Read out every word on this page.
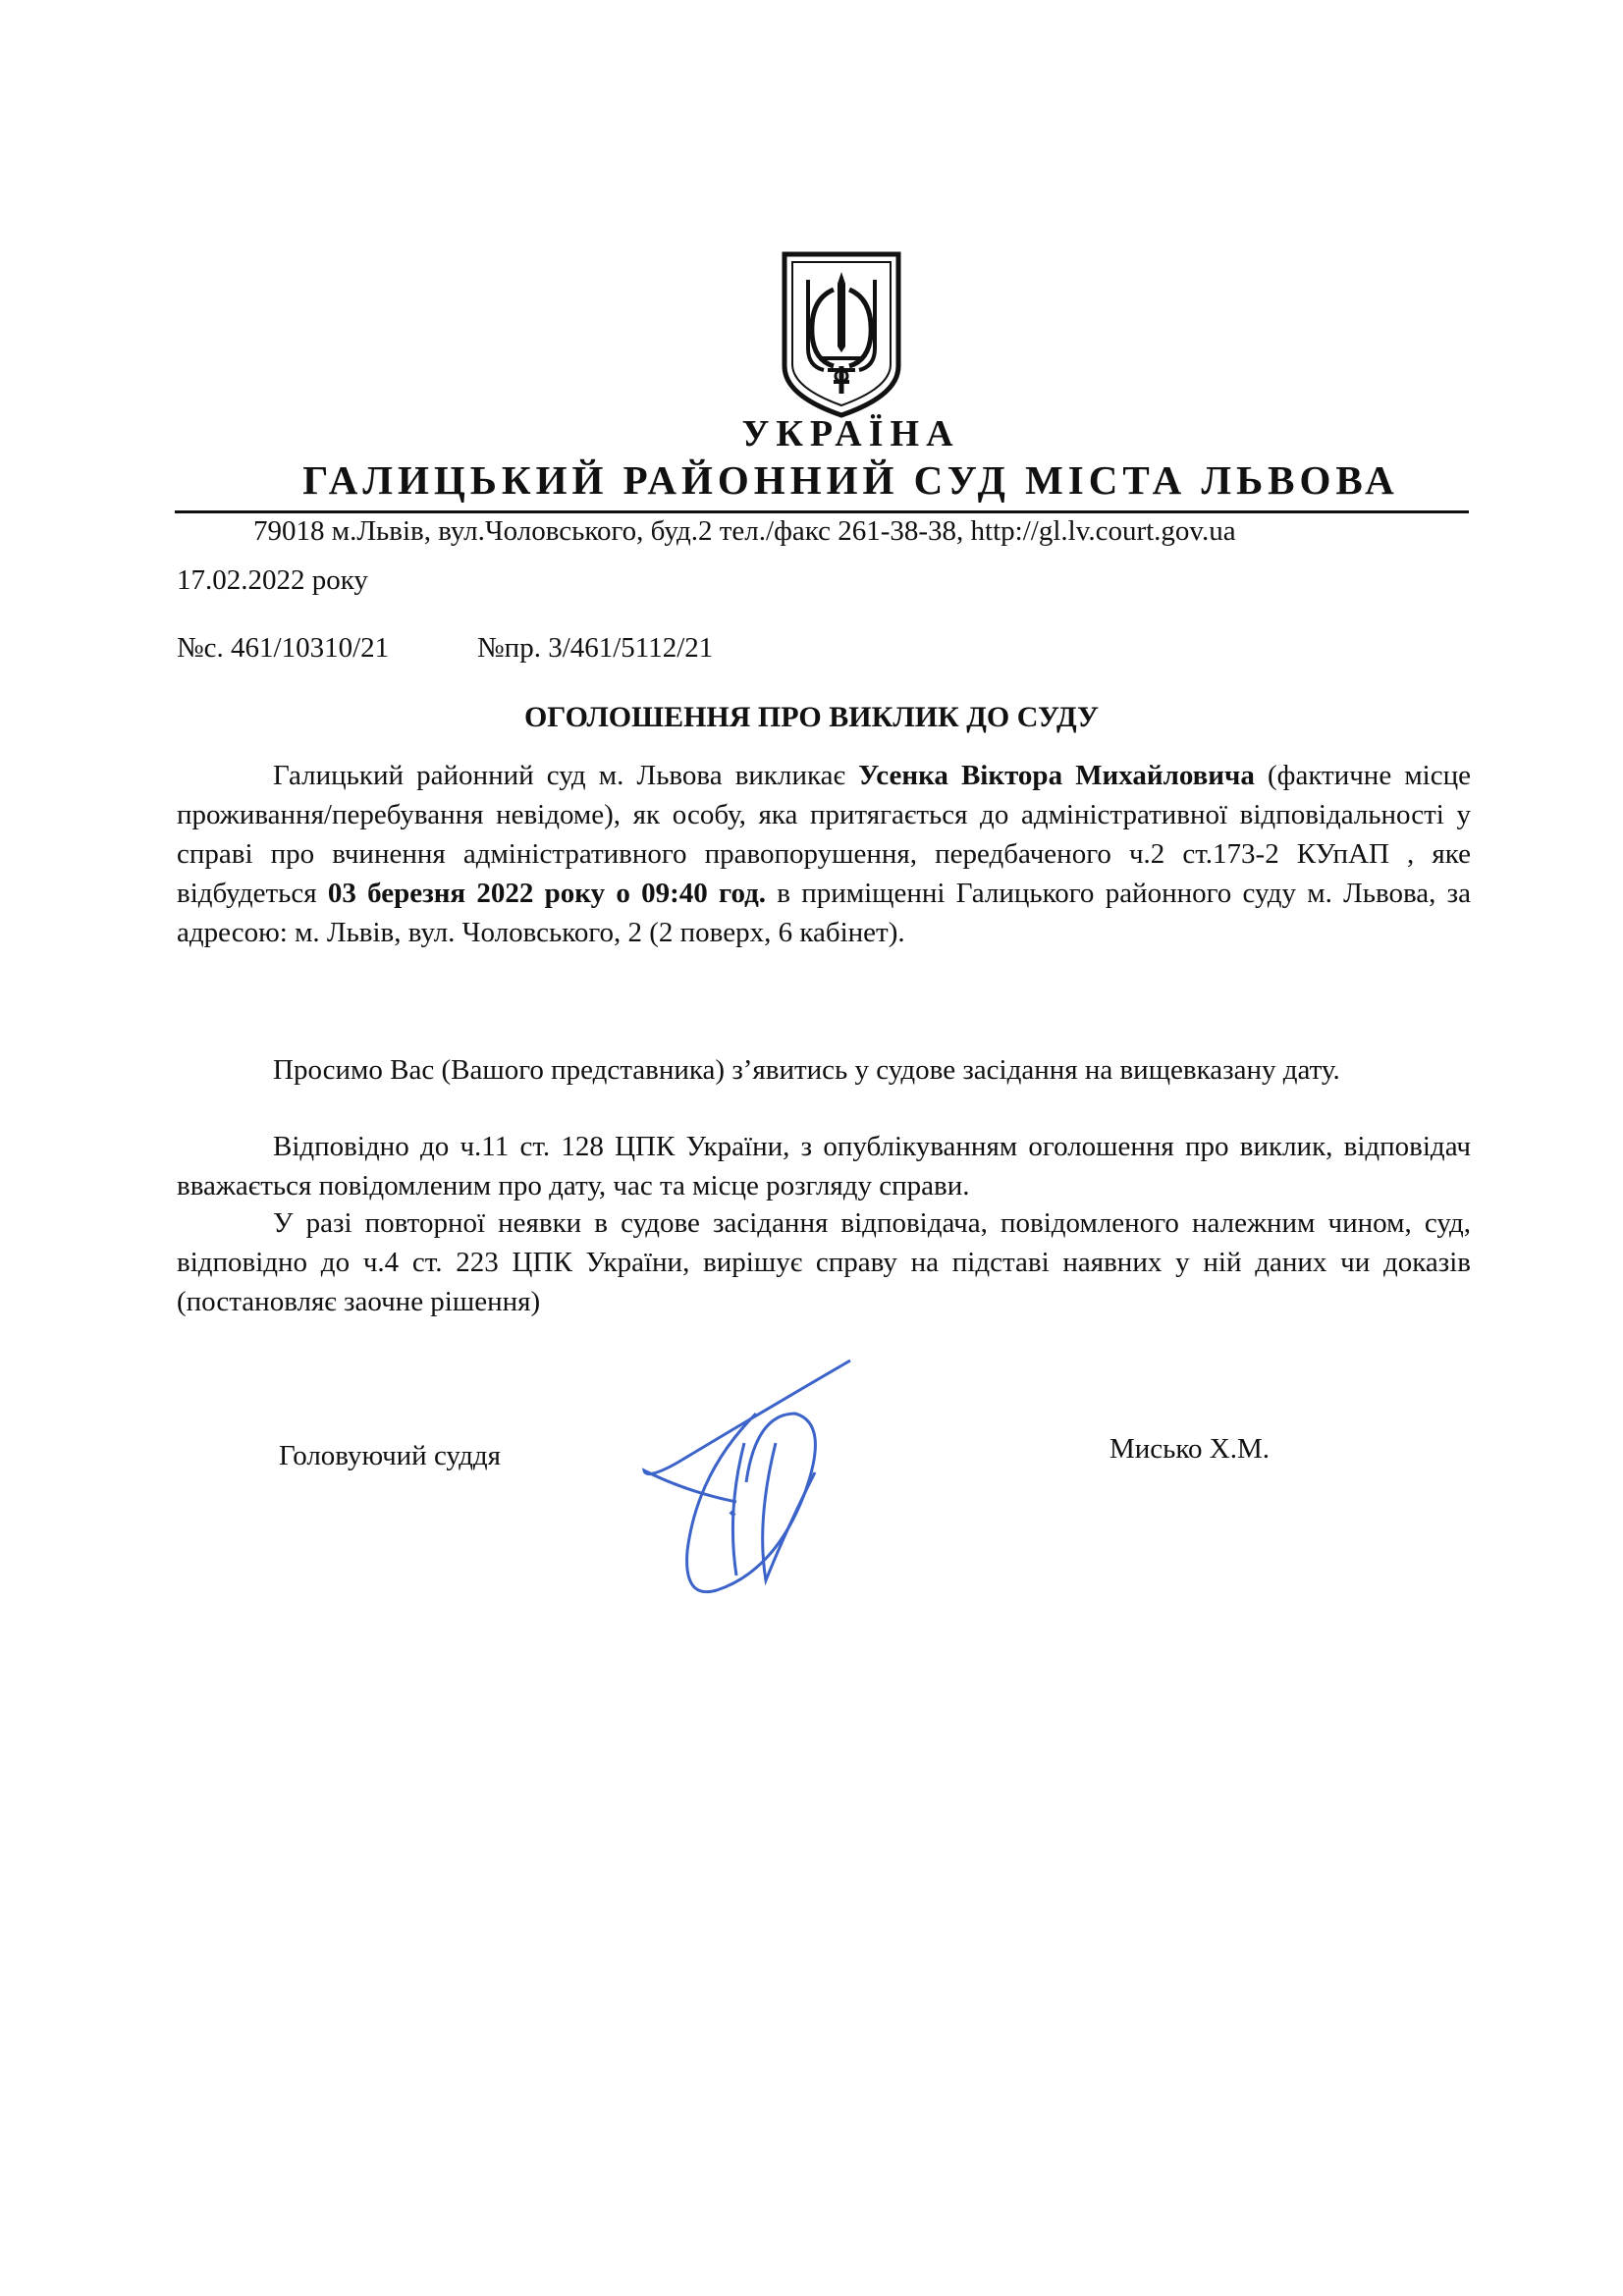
УКРАЇНА
ГАЛИЦЬКИЙ РАЙОННИЙ СУД МІСТА ЛЬВОВА
79018 м.Львів, вул.Чоловського, буд.2 тел./факс 261-38-38, http://gl.lv.court.gov.ua
17.02.2022 року
№с. 461/10310/21	№пр. 3/461/5112/21
ОГОЛОШЕННЯ ПРО ВИКЛИК ДО СУДУ

Галицький районний суд м. Львова викликає Усенка Віктора Михайловича (фактичне місце проживання/перебування невідоме), як особу, яка притягається до адміністративної відповідальності у справі про вчинення адміністративного правопорушення, передбаченого ч.2 ст.173-2 КУпАП , яке відбудеться 03 березня 2022 року о 09:40 год. в приміщенні Галицького районного суду м. Львова, за адресою: м. Львів, вул. Чоловського, 2 (2 поверх, 6 кабінет).

Просимо Вас (Вашого представника) з’явитись у судове засідання на вищевказану дату.

Відповідно до ч.11 ст. 128 ЦПК України, з опублікуванням оголошення про виклик, відповідач вважається повідомленим про дату, час та місце розгляду справи.

У разі повторної неявки в судове засідання відповідача, повідомленого належним чином, суд, відповідно до ч.4 ст. 223 ЦПК України, вирішує справу на підставі наявних у ній даних чи доказів (постановляє заочне рішення)

Головуючий суддя	Мисько Х.М.
